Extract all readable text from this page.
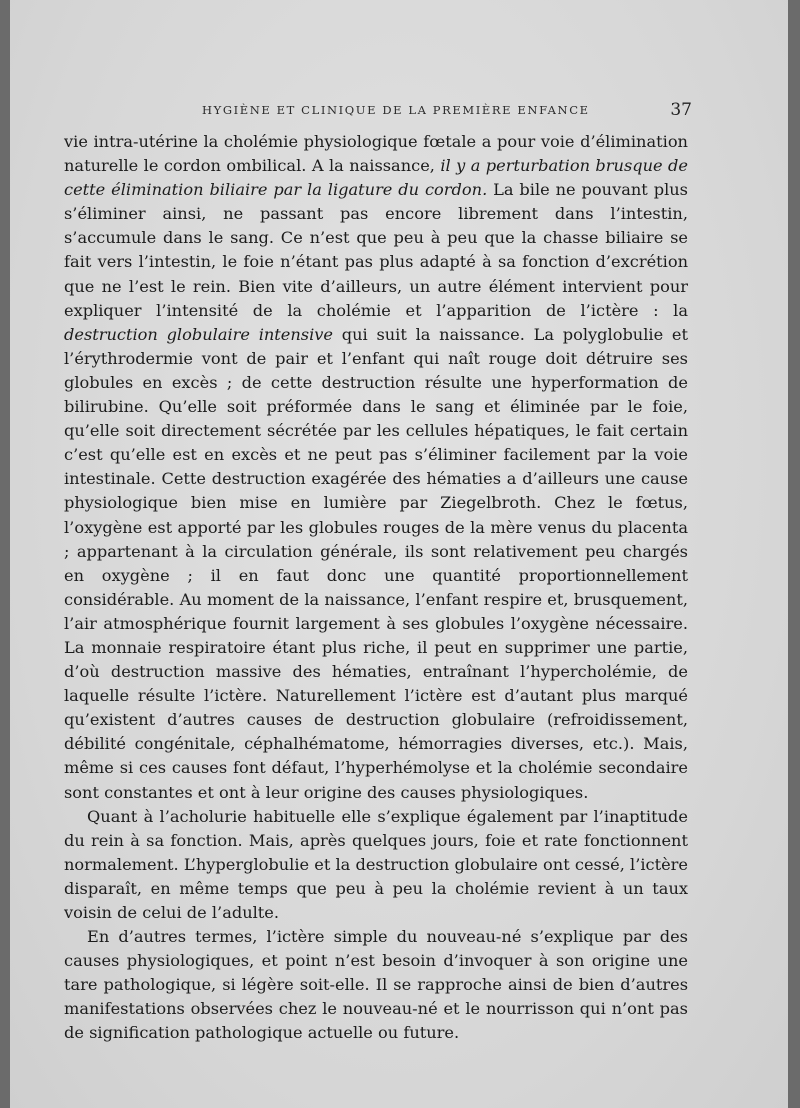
HYGIÈNE ET CLINIQUE DE LA PREMIÈRE ENFANCE	37

vie intra-utérine la cholémie physiologique fœtale a pour voie d’élimination naturelle le cordon ombilical. A la naissance, il y a perturbation brusque de cette élimination biliaire par la ligature du cordon. La bile ne pouvant plus s’éliminer ainsi, ne passant pas encore librement dans l’intestin, s’accumule dans le sang. Ce n’est que peu à peu que la chasse biliaire se fait vers l’intestin, le foie n’étant pas plus adapté à sa fonction d’excrétion que ne l’est le rein. Bien vite d’ailleurs, un autre élément intervient pour expliquer l’intensité de la cholémie et l’apparition de l’ictère : la destruction globulaire intensive qui suit la naissance. La polyglobulie et l’érythrodermie vont de pair et l’enfant qui naît rouge doit détruire ses globules en excès ; de cette destruction résulte une hyperformation de bilirubine. Qu’elle soit préformée dans le sang et éliminée par le foie, qu’elle soit directement sécrétée par les cellules hépatiques, le fait certain c’est qu’elle est en excès et ne peut pas s’éliminer facilement par la voie intestinale. Cette destruction exagérée des hématies a d’ailleurs une cause physiologique bien mise en lumière par Ziegelbroth. Chez le fœtus, l’oxygène est apporté par les globules rouges de la mère venus du placenta ; appartenant à la circulation générale, ils sont relativement peu chargés en oxygène ; il en faut donc une quantité proportionnellement considérable. Au moment de la naissance, l’enfant respire et, brusquement, l’air atmosphérique fournit largement à ses globules l’oxygène nécessaire. La monnaie respiratoire étant plus riche, il peut en supprimer une partie, d’où destruction massive des hématies, entraînant l’hypercholémie, de laquelle résulte l’ictère. Naturellement l’ictère est d’autant plus marqué qu’existent d’autres causes de destruction globulaire (refroidissement, débilité congénitale, céphalhématome, hémorragies diverses, etc.). Mais, même si ces causes font défaut, l’hyperhémolyse et la cholémie secondaire sont constantes et ont à leur origine des causes physiologiques.

Quant à l’acholurie habituelle elle s’explique également par l’inaptitude du rein à sa fonction. Mais, après quelques jours, foie et rate fonctionnent normalement. L’hyperglobulie et la destruction globulaire ont cessé, l’ictère disparaît, en même temps que peu à peu la cholémie revient à un taux voisin de celui de l’adulte.

En d’autres termes, l’ictère simple du nouveau-né s’explique par des causes physiologiques, et point n’est besoin d’invoquer à son origine une tare pathologique, si légère soit-elle. Il se rapproche ainsi de bien d’autres manifestations observées chez le nouveau-né et le nourrisson qui n’ont pas de signification pathologique actuelle ou future.
